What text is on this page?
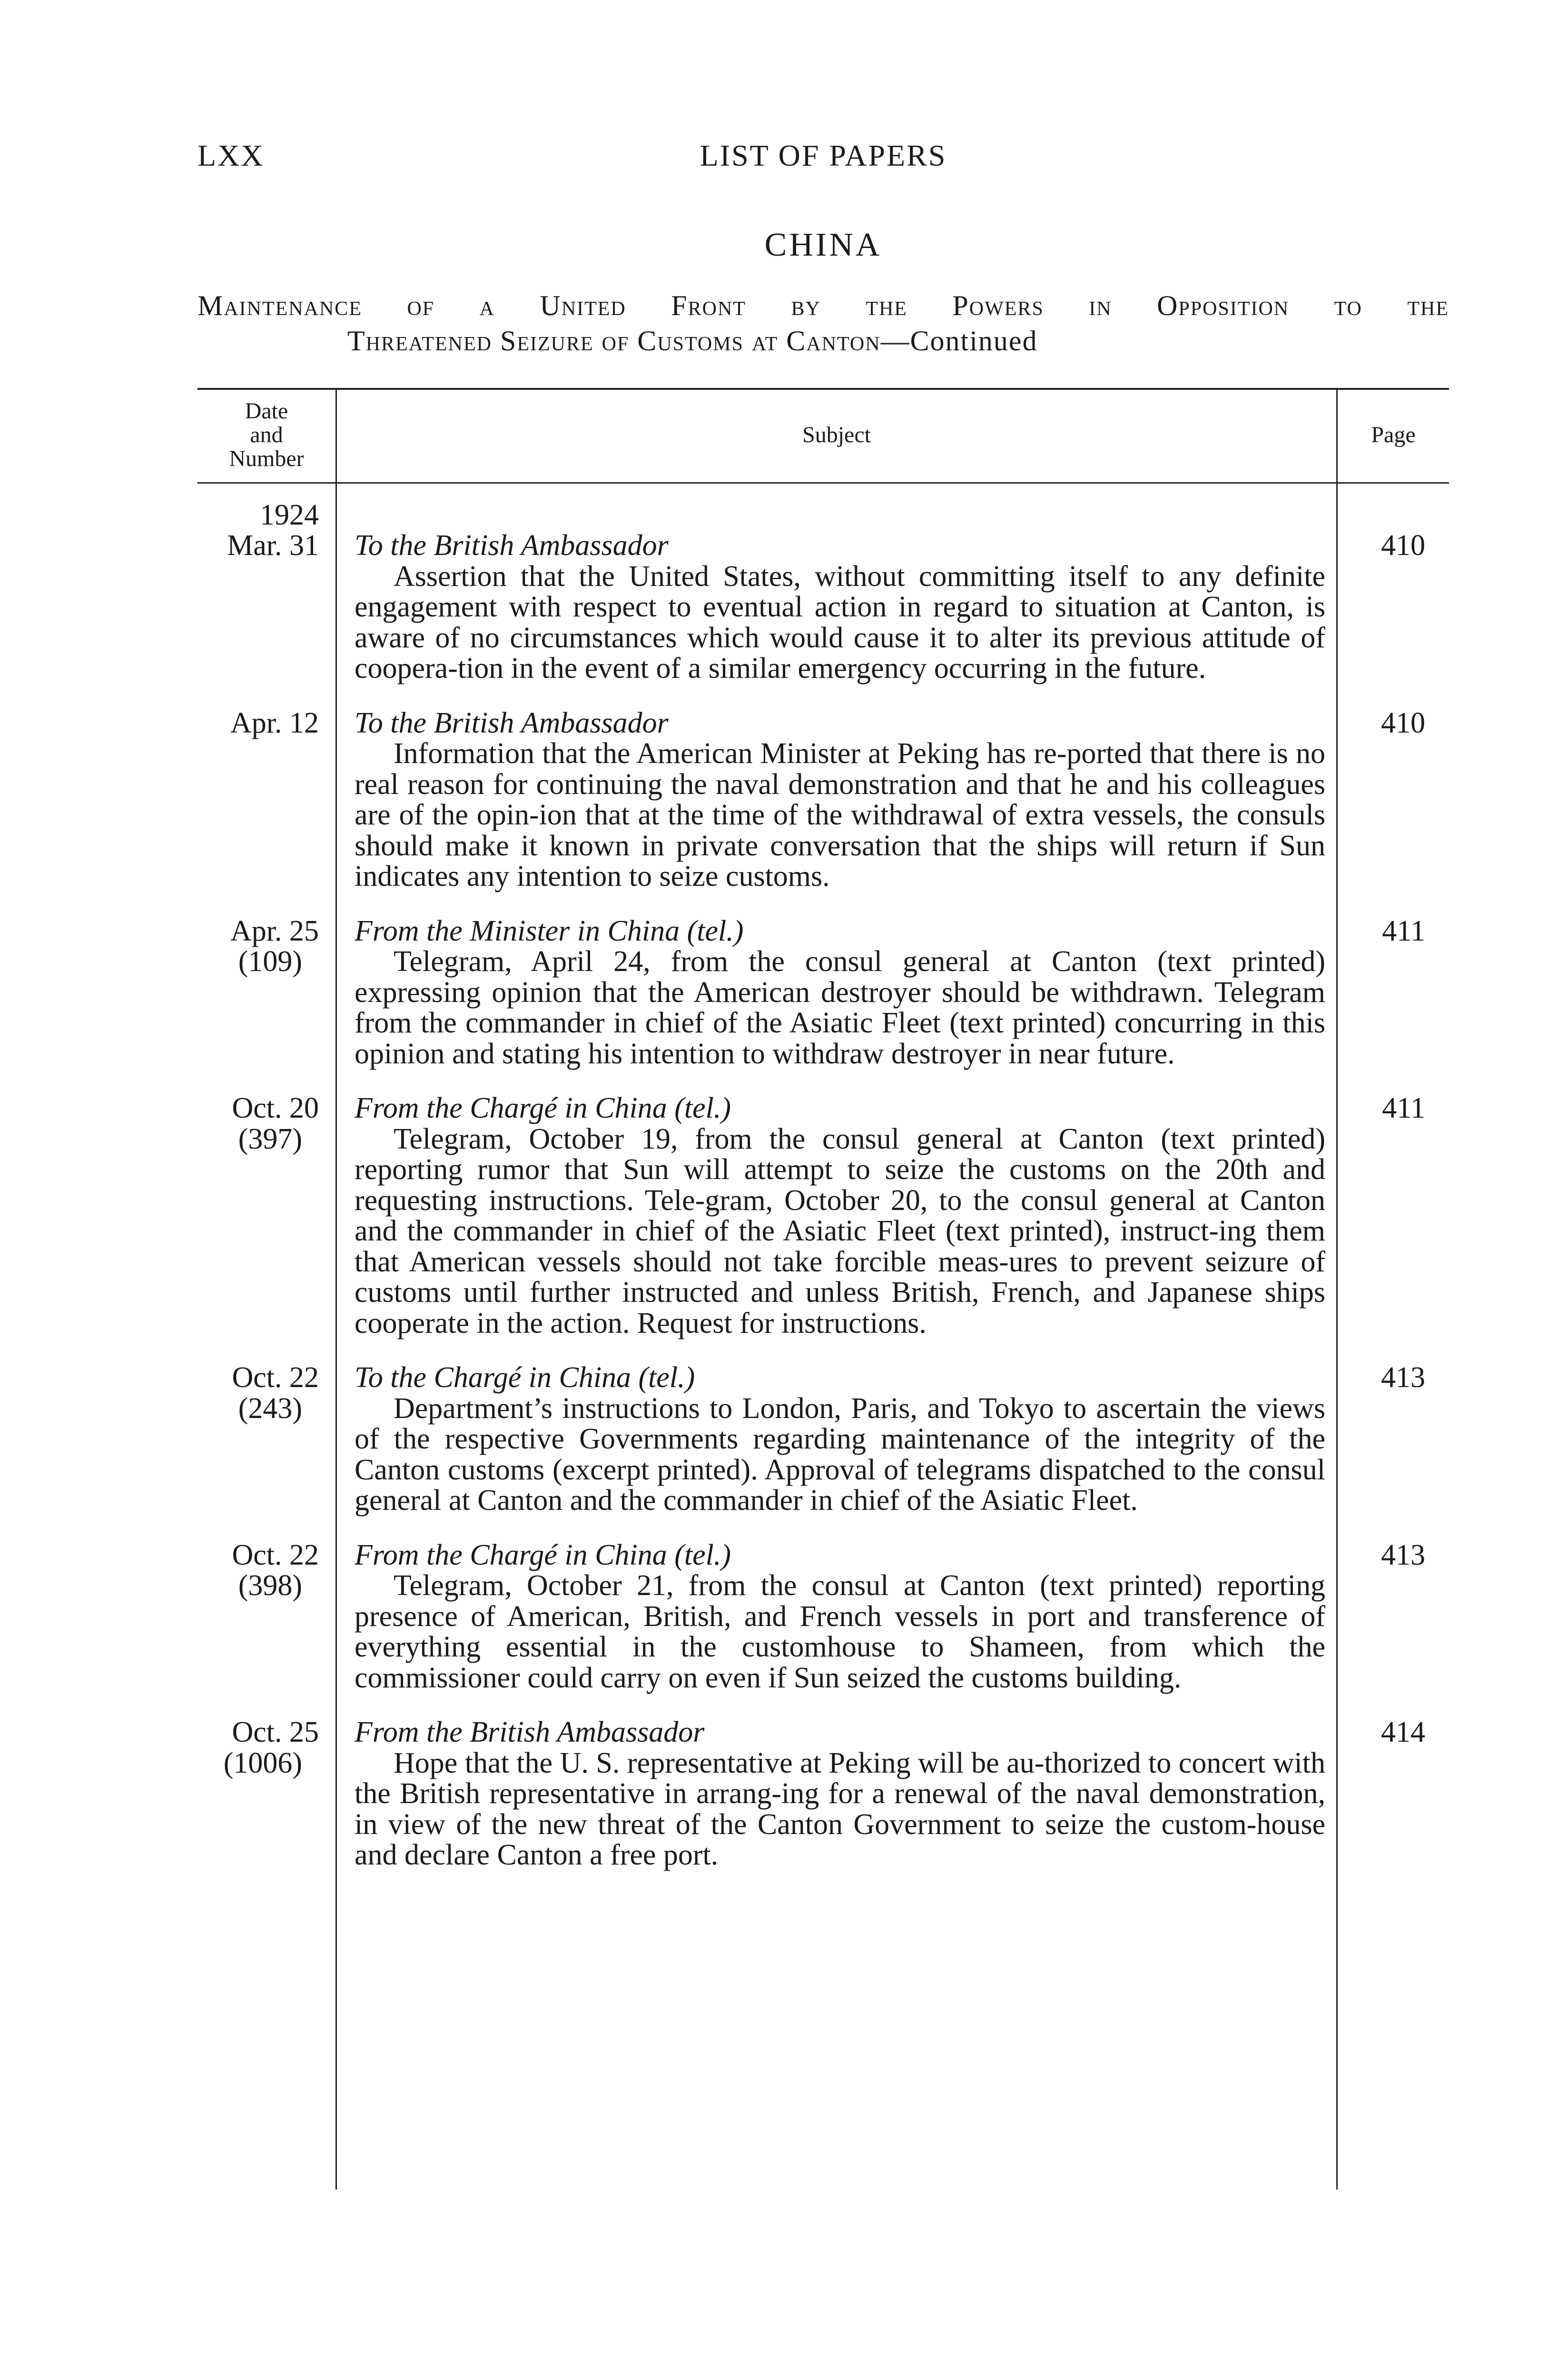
LXX	LIST OF PAPERS
CHINA
Maintenance of a United Front by the Powers in Opposition to the
Threatened Seizure of Customs at Canton—Continued
Date and Number
Subject	Page
1924
Mar. 31 To the British Ambassador
Assertion that the United States, without committing itself to any definite engagement with respect to eventual action in regard to situation at Canton, is aware of no circumstances which would cause it to alter its previous attitude of coopera-tion in the event of a similar emergency occurring in the future.
410
Apr. 12 To the British Ambassador
Information that the American Minister at Peking has re-ported that there is no real reason for continuing the naval demonstration and that he and his colleagues are of the opin-ion that at the time of the withdrawal of extra vessels, the consuls should make it known in private conversation that the ships will return if Sun indicates any intention to seize customs.
410
Apr. 25
(109)
From the Minister in China (tel.)
Telegram, April 24, from the consul general at Canton (text printed) expressing opinion that the American destroyer should be withdrawn. Telegram from the commander in chief of the Asiatic Fleet (text printed) concurring in this opinion and stating his intention to withdraw destroyer in near future.
411
Oct. 20
(397)
From the Chargé in China (tel.)
Telegram, October 19, from the consul general at Canton (text printed) reporting rumor that Sun will attempt to seize the customs on the 20th and requesting instructions. Tele-gram, October 20, to the consul general at Canton and the commander in chief of the Asiatic Fleet (text printed), instruct-ing them that American vessels should not take forcible meas-ures to prevent seizure of customs until further instructed and unless British, French, and Japanese ships cooperate in the action. Request for instructions.
411
Oct. 22
(243)
To the Chargé in China (tel.)
Department’s instructions to London, Paris, and Tokyo to ascertain the views of the respective Governments regarding maintenance of the integrity of the Canton customs (excerpt printed). Approval of telegrams dispatched to the consul general at Canton and the commander in chief of the Asiatic Fleet.
413
Oct. 22
(398)
From the Chargé in China (tel.)
Telegram, October 21, from the consul at Canton (text printed) reporting presence of American, British, and French vessels in port and transference of everything essential in the customhouse to Shameen, from which the commissioner could carry on even if Sun seized the customs building.
413
Oct. 25
(1006)
From the British Ambassador
Hope that the U. S. representative at Peking will be au-thorized to concert with the British representative in arrang-ing for a renewal of the naval demonstration, in view of the new threat of the Canton Government to seize the custom-house and declare Canton a free port.
414
